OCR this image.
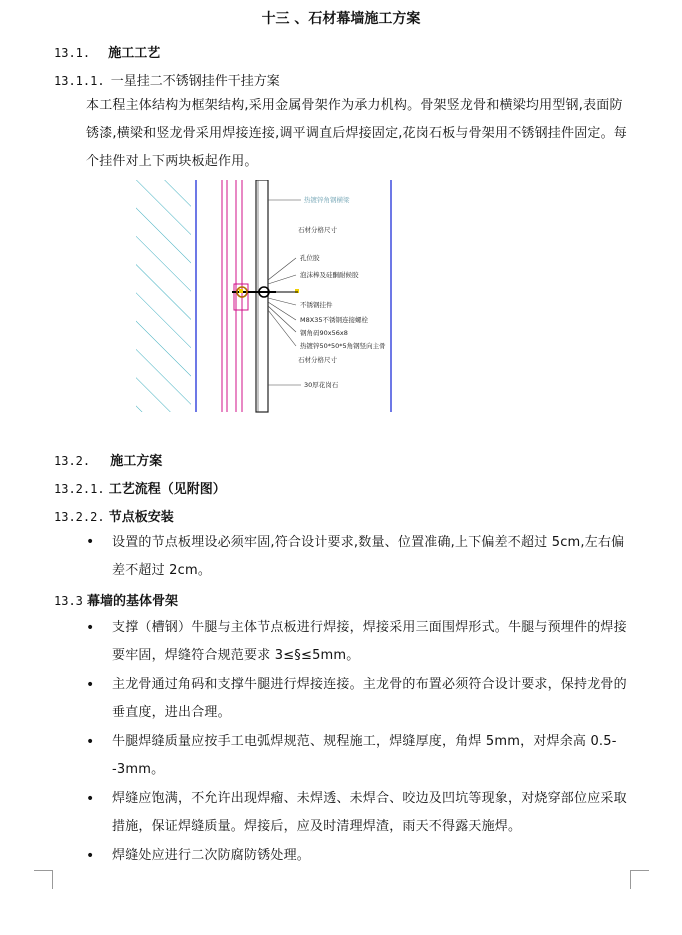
十三 、石材幕墙施工方案
13.1. 施工工艺
13.1.1. 一星挂二不锈钢挂件干挂方案
本工程主体结构为框架结构,采用金属骨架作为承力机构。骨架竖龙骨和横梁均用型钢,表面防锈漆,横梁和竖龙骨采用焊接连接,调平调直后焊接固定,花岗石板与骨架用不锈钢挂件固定。每个挂件对上下两块板起作用。
热镀锌角钢横梁
石材分格尺寸
孔位胶
泡沫棒及硅酮耐候胶
不锈钢挂件
M8X35不锈钢连接螺栓
钢角码90x56x8
热镀锌50*50*5角钢竖向主骨
石材分格尺寸
30厚花岗石
13.2. 施工方案
13.2.1. 工艺流程（见附图）
13.2.2. 节点板安装
• 设置的节点板埋设必须牢固,符合设计要求,数量、位置准确,上下偏差不超过 5cm,左右偏差不超过 2cm。
13.3 幕墙的基体骨架
• 支撑（槽钢）牛腿与主体节点板进行焊接，焊接采用三面围焊形式。牛腿与预埋件的焊接要牢固，焊缝符合规范要求 3≤§≤5mm。
• 主龙骨通过角码和支撑牛腿进行焊接连接。主龙骨的布置必须符合设计要求，保持龙骨的垂直度，进出合理。
• 牛腿焊缝质量应按手工电弧焊规范、规程施工，焊缝厚度，角焊 5mm，对焊余高 0.5--3mm。
• 焊缝应饱满，不允许出现焊瘤、未焊透、未焊合、咬边及凹坑等现象，对烧穿部位应采取措施，保证焊缝质量。焊接后，应及时清理焊渣，雨天不得露天施焊。
• 焊缝处应进行二次防腐防锈处理。
